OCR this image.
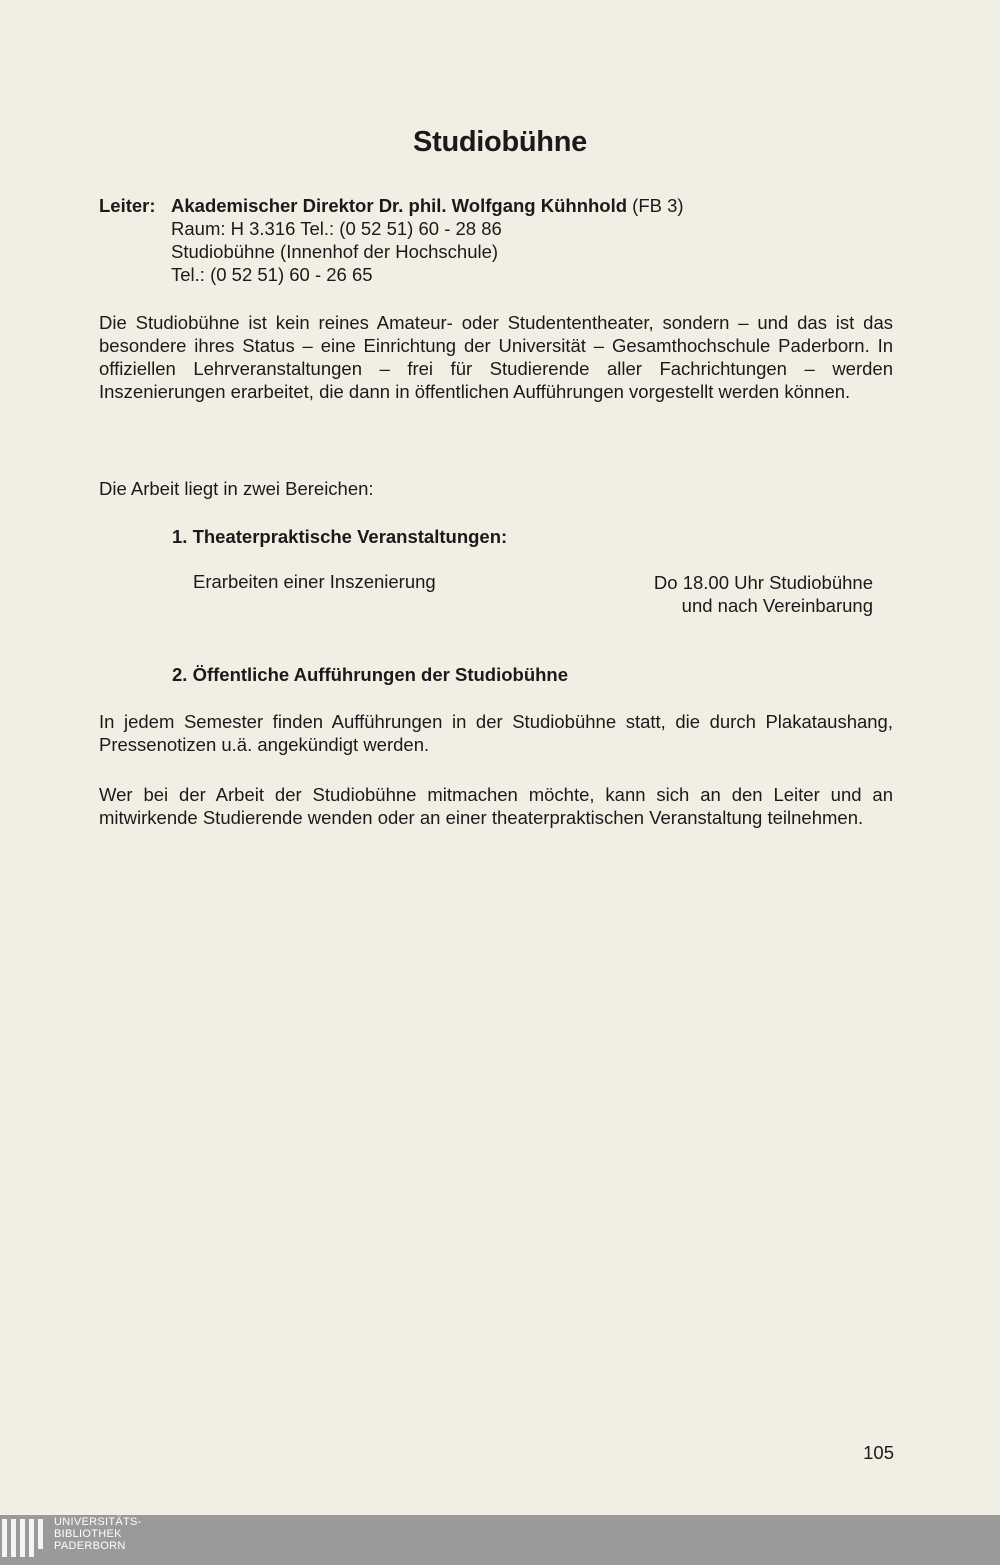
Studiobühne
Leiter: Akademischer Direktor Dr. phil. Wolfgang Kühnhold (FB 3)
Raum: H 3.316 Tel.: (0 52 51) 60 - 28 86
Studiobühne (Innenhof der Hochschule)
Tel.: (0 52 51) 60 - 26 65
Die Studiobühne ist kein reines Amateur- oder Studententheater, sondern – und das ist das besondere ihres Status – eine Einrichtung der Universität – Gesamthochschule Paderborn. In offiziellen Lehrveranstaltungen – frei für Studierende aller Fachrichtungen – werden Inszenierungen erarbeitet, die dann in öffentlichen Aufführungen vorgestellt werden können.
Die Arbeit liegt in zwei Bereichen:
1. Theaterpraktische Veranstaltungen:
Erarbeiten einer Inszenierung	Do 18.00 Uhr Studiobühne
und nach Vereinbarung
2. Öffentliche Aufführungen der Studiobühne
In jedem Semester finden Aufführungen in der Studiobühne statt, die durch Plakataushang, Pressenotizen u.ä. angekündigt werden.
Wer bei der Arbeit der Studiobühne mitmachen möchte, kann sich an den Leiter und an mitwirkende Studierende wenden oder an einer theaterpraktischen Veranstaltung teilnehmen.
105
UNIVERSITÄTS-
BIBLIOTHEK
PADERBORN
